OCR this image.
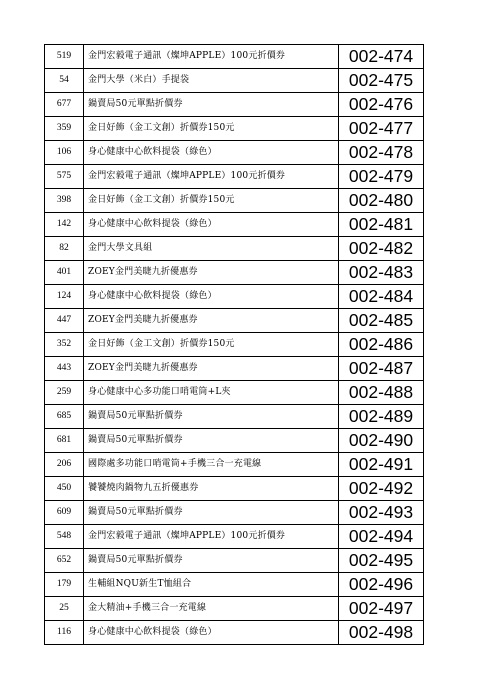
519	金門宏毅電子通訊（燦坤APPLE）100元折價券	002-474
54	金門大學（米白）手提袋	002-475
677	鍋賣局50元單點折價券	002-476
359	金日好飾（金工文創）折價券150元	002-477
106	身心健康中心飲料提袋（綠色）	002-478
575	金門宏毅電子通訊（燦坤APPLE）100元折價券	002-479
398	金日好飾（金工文創）折價券150元	002-480
142	身心健康中心飲料提袋（綠色）	002-481
82	金門大學文具組	002-482
401	ZOEY金門美睫九折優惠券	002-483
124	身心健康中心飲料提袋（綠色）	002-484
447	ZOEY金門美睫九折優惠券	002-485
352	金日好飾（金工文創）折價券150元	002-486
443	ZOEY金門美睫九折優惠券	002-487
259	身心健康中心多功能口哨電筒+L夾	002-488
685	鍋賣局50元單點折價券	002-489
681	鍋賣局50元單點折價券	002-490
206	國際處多功能口哨電筒+手機三合一充電線	002-491
450	饕饕燒肉鍋物九五折優惠券	002-492
609	鍋賣局50元單點折價券	002-493
548	金門宏毅電子通訊（燦坤APPLE）100元折價券	002-494
652	鍋賣局50元單點折價券	002-495
179	生輔組NQU新生T恤組合	002-496
25	金大精油+手機三合一充電線	002-497
116	身心健康中心飲料提袋（綠色）	002-498
